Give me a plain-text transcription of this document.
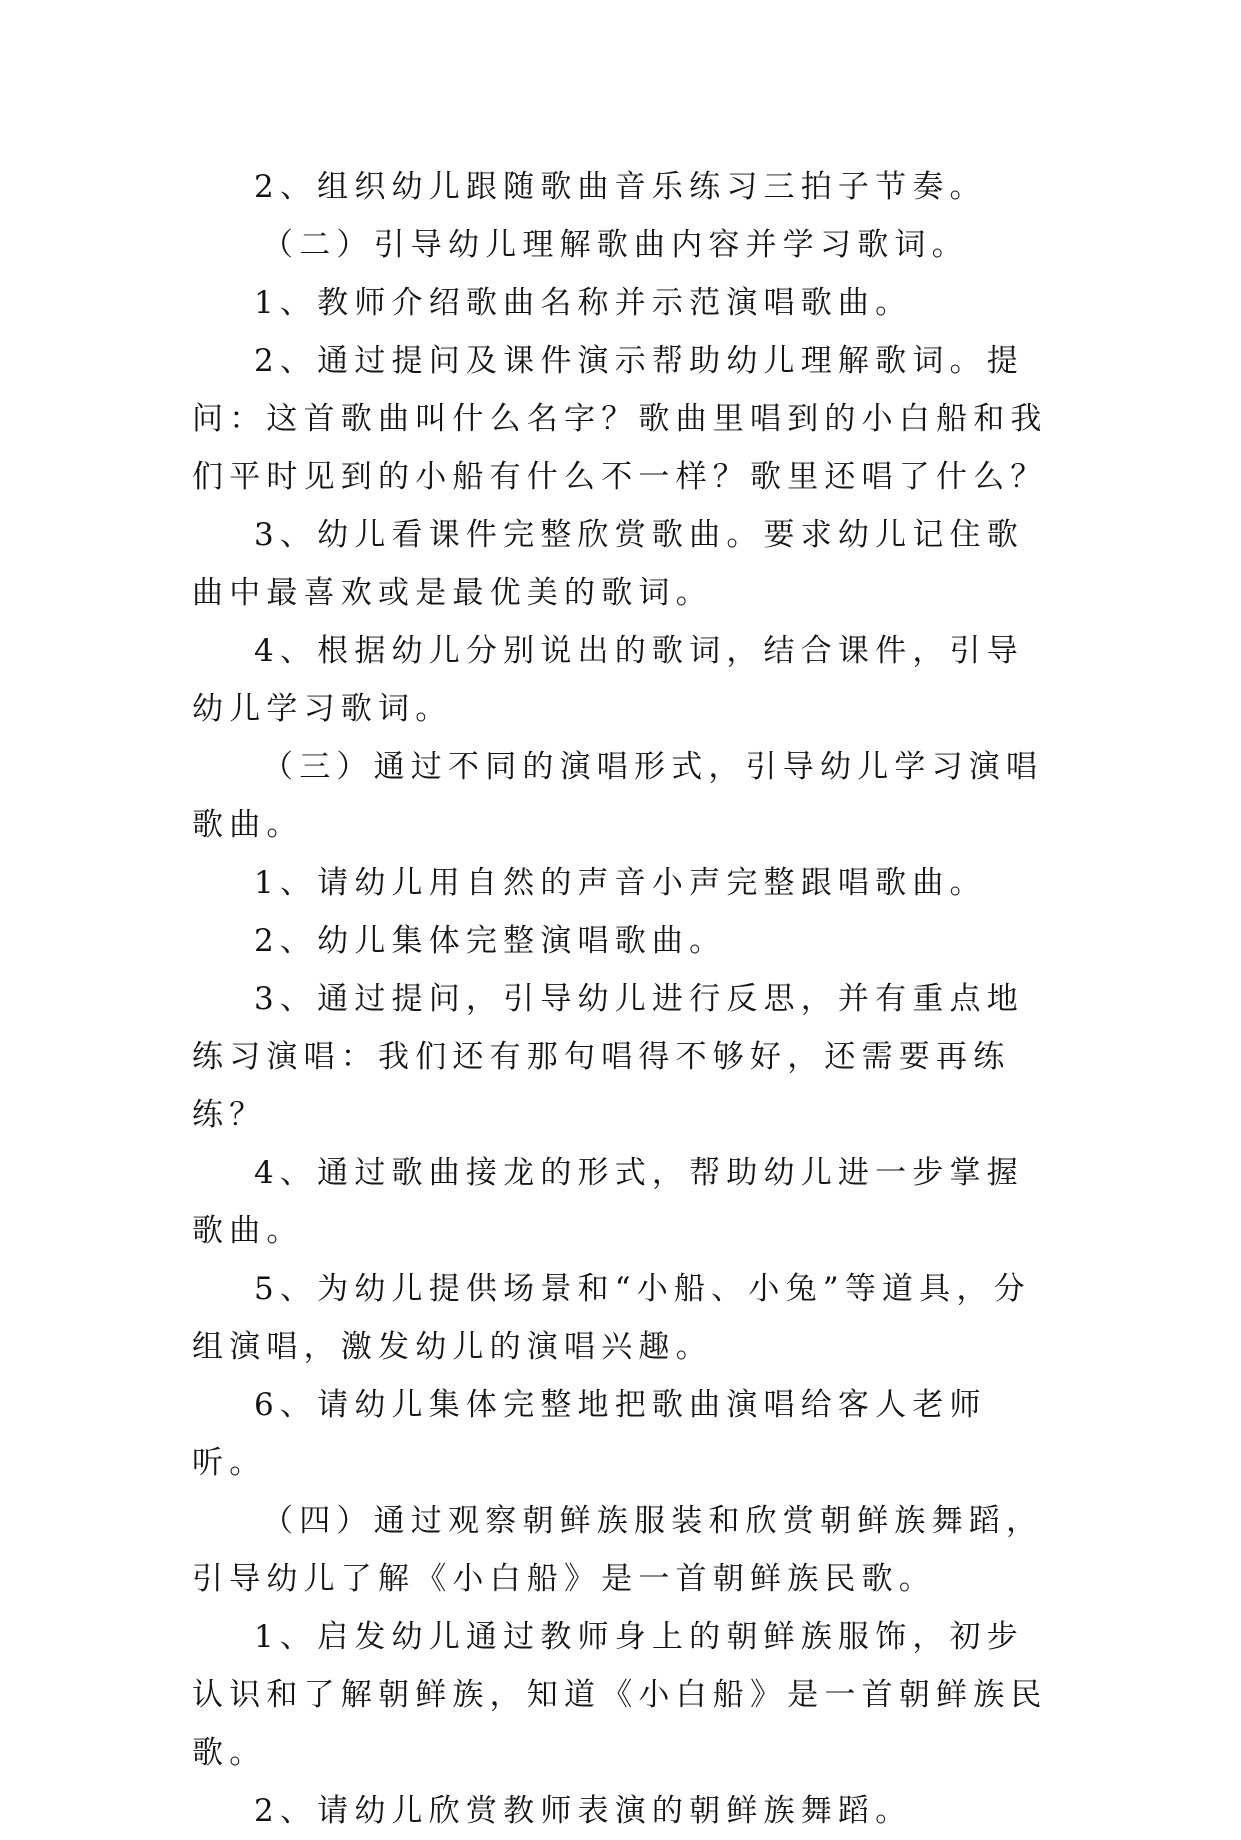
2、组织幼儿跟随歌曲音乐练习三拍子节奏。

（二）引导幼儿理解歌曲内容并学习歌词。

1、教师介绍歌曲名称并示范演唱歌曲。

2、通过提问及课件演示帮助幼儿理解歌词。提问：这首歌曲叫什么名字？歌曲里唱到的小白船和我们平时见到的小船有什么不一样？歌里还唱了什么？

3、幼儿看课件完整欣赏歌曲。要求幼儿记住歌曲中最喜欢或是最优美的歌词。

4、根据幼儿分别说出的歌词，结合课件，引导幼儿学习歌词。

（三）通过不同的演唱形式，引导幼儿学习演唱歌曲。

1、请幼儿用自然的声音小声完整跟唱歌曲。

2、幼儿集体完整演唱歌曲。

3、通过提问，引导幼儿进行反思，并有重点地练习演唱：我们还有那句唱得不够好，还需要再练练？

4、通过歌曲接龙的形式，帮助幼儿进一步掌握歌曲。

5、为幼儿提供场景和“小船、小兔”等道具，分组演唱，激发幼儿的演唱兴趣。

6、请幼儿集体完整地把歌曲演唱给客人老师听。

（四）通过观察朝鲜族服装和欣赏朝鲜族舞蹈，引导幼儿了解《小白船》是一首朝鲜族民歌。

1、启发幼儿通过教师身上的朝鲜族服饰，初步认识和了解朝鲜族，知道《小白船》是一首朝鲜族民歌。

2、请幼儿欣赏教师表演的朝鲜族舞蹈。
